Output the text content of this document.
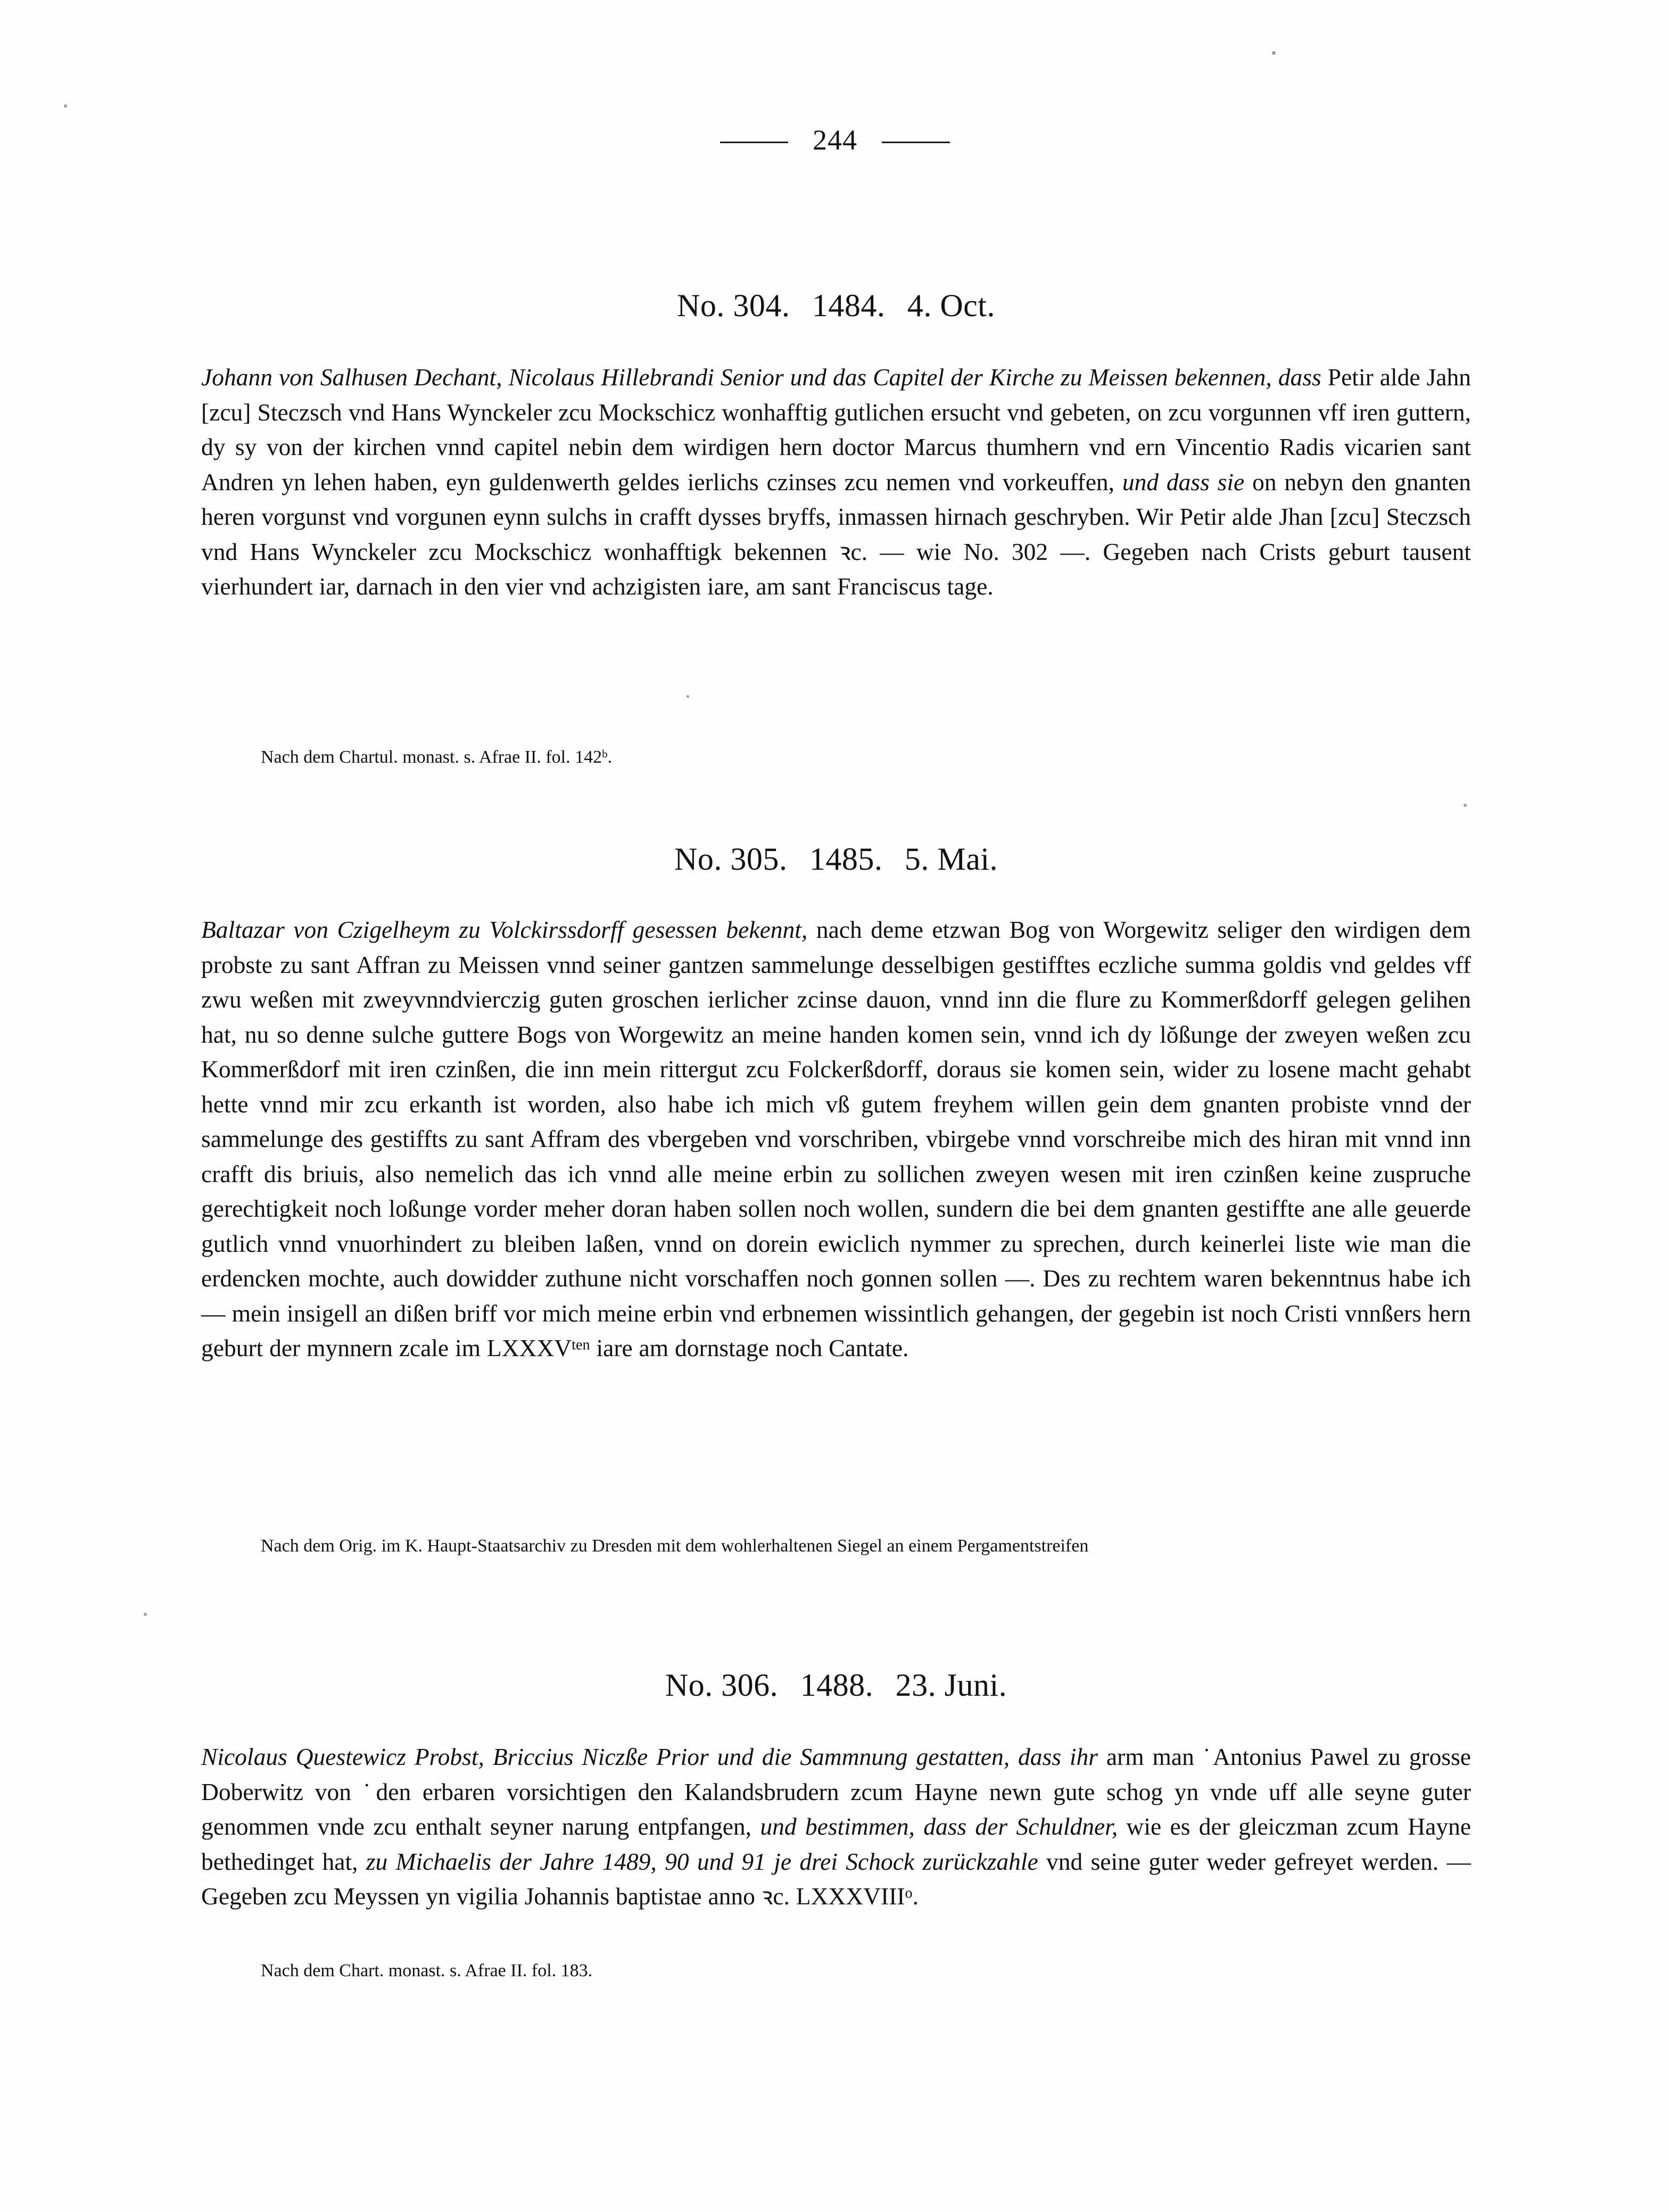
244
No. 304. 1484. 4. Oct.

Johann von Salhusen Dechant, Nicolaus Hillebrandi Senior und das Capitel der Kirche zu Meissen bekennen, dass Petir alde Jahn [zcu] Steczsch vnd Hans Wynckeler zcu Mockschicz wonhafftig gutlichen ersucht vnd gebeten, on zcu vorgunnen vff iren guttern, dy sy von der kirchen vnnd capitel nebin dem wirdigen hern doctor Marcus thumhern vnd ern Vincentio Radis vicarien sant Andren yn lehen haben, eyn guldenwerth geldes ierlichs czinses zcu nemen vnd vorkeuffen, und dass sie on nebyn den gnanten heren vorgunst vnd vorgunen eynn sulchs in crafft dysses bryffs, inmassen hirnach geschryben. Wir Petir alde Jhan [zcu] Steczsch vnd Hans Wynckeler zcu Mockschicz wonhafftigk bekennen ꝛc. — wie No. 302 —. Gegeben nach Crists geburt tausent vierhundert iar, darnach in den vier vnd achzigisten iare, am sant Franciscus tage.

Nach dem Chartul. monast. s. Afrae II. fol. 142$^b$.

No. 305. 1485. 5. Mai.

Baltazar von Czigelheym zu Volckirssdorff gesessen bekennt, nach deme etzwan Bog von Worgewitz seliger den wirdigen dem probste zu sant Affran zu Meissen vnnd seiner gantzen sammelunge desselbigen gestifftes eczliche summa goldis vnd geldes vff zwu weßen mit zweyvnndvierczig guten groschen ierlicher zcinse dauon, vnnd inn die flure zu Kommerßdorff gelegen gelihen hat, nu so denne sulche guttere Bogs von Worgewitz an meine handen komen sein, vnnd ich dy lŏßunge der zweyen weßen zcu Kommerßdorf mit iren czinßen, die inn mein rittergut zcu Folckerßdorff, doraus sie komen sein, wider zu losene macht gehabt hette vnnd mir zcu erkanth ist worden, also habe ich mich vß gutem freyhem willen gein dem gnanten probiste vnnd der sammelunge des gestiffts zu sant Affram des vbergeben vnd vorschriben, vbirgebe vnnd vorschreibe mich des hiran mit vnnd inn crafft dis briuis, also nemelich das ich vnnd alle meine erbin zu sollichen zweyen wesen mit iren czinßen keine zuspruche gerechtigkeit noch loßunge vorder meher doran haben sollen noch wollen, sundern die bei dem gnanten gestiffte ane alle geuerde gutlich vnnd vnuorhindert zu bleiben laßen, vnnd on dorein ewiclich nymmer zu sprechen, durch keinerlei liste wie man die erdencken mochte, auch dowidder zuthune nicht vorschaffen noch gonnen sollen —. Des zu rechtem waren bekenntnus habe ich — mein insigell an dißen briff vor mich meine erbin vnd erbnemen wissintlich gehangen, der gegebin ist noch Cristi vnnßers hern geburt der mynnern zcale im $LXXXV^{ten}$ iare am dornstage noch Cantate.

Nach dem Orig. im K. Haupt-Staatsarchiv zu Dresden mit dem wohlerhaltenen Siegel an einem Pergamentstreifen

No. 306. 1488. 23. Juni.

Nicolaus Questewicz Probst, Briccius Niczße Prior und die Sammnung gestatten, dass ihr arm man ˙Antonius Pawel zu grosse Doberwitz von ˙den erbaren vorsichtigen den Kalandsbrudern zcum Hayne newn gute schog yn vnde uff alle seyne guter genommen vnde zcu enthalt seyner narung entpfangen, und bestimmen, dass der Schuldner, wie es der gleiczman zcum Hayne bethedinget hat, zu Michaelis der Jahre 1489, 90 und 91 je drei Schock zurückzahle vnd seine guter weder gefreyet werden. — Gegeben zcu Meyssen yn vigilia Johannis baptistae anno ꝛc. LXXXVIII$^o$.

Nach dem Chart. monast. s. Afrae II. fol. 183.
